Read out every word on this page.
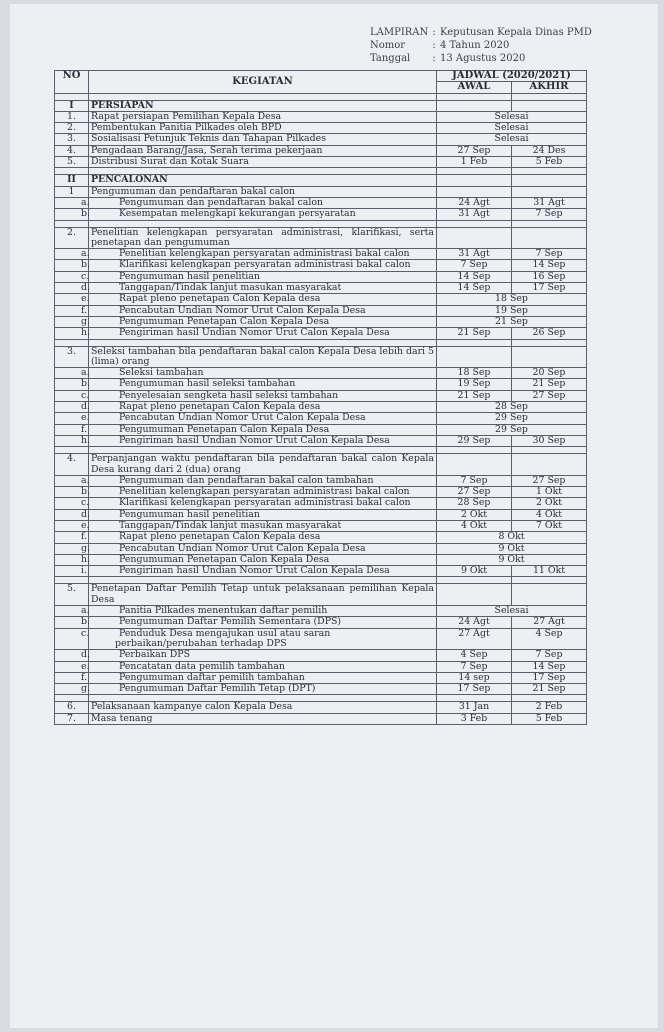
LAMPIRAN : Keputusan Kepala Dinas PMD
Nomor	: 4 Tahun 2020
Tanggal	: 13 Agustus 2020
NO	KEGIATAN	JADWAL (2020/2021)	
		AWAL	AKHIR

I	PERSIAPAN		
1.	Rapat persiapan Pemilihan Kepala Desa	Selesai	
2.	Pembentukan Panitia Pilkades oleh BPD	Selesai	
3.	Sosialisasi Petunjuk Teknis dan Tahapan Pilkades	Selesai	
4.	Pengadaan Barang/Jasa, Serah terima pekerjaan	27 Sep	24 Des
5.	Distribusi Surat dan Kotak Suara	1 Feb	5 Feb

II	PENCALONAN		
1	Pengumuman dan pendaftaran bakal calon		
	a. Pengumuman dan pendaftaran bakal calon	24 Agt	31 Agt
	b. Kesempatan melengkapi kekurangan persyaratan	31 Agt	7 Sep

2.	Penelitian kelengkapan persyaratan administrasi, klarifikasi, serta penetapan dan pengumuman		
	a. Penelitian kelengkapan persyaratan administrasi bakal calon	31 Agt	7 Sep
	b. Klarifikasi kelengkapan persyaratan administrasi bakal calon	7 Sep	14 Sep
	c. Pengumuman hasil penelitian	14 Sep	16 Sep
	d. Tanggapan/Tindak lanjut masukan masyarakat	14 Sep	17 Sep
	e. Rapat pleno penetapan Calon Kepala desa	18 Sep	
	f. Pencabutan Undian Nomor Urut Calon Kepala Desa	19 Sep	
	g. Pengumuman Penetapan Calon Kepala Desa	21 Sep	
	h. Pengiriman hasil Undian Nomor Urut Calon Kepala Desa	21 Sep	26 Sep

3.	Seleksi tambahan bila pendaftaran bakal calon Kepala Desa lebih dari 5 (lima) orang		
	a. Seleksi tambahan	18 Sep	20 Sep
	b. Pengumuman hasil seleksi tambahan	19 Sep	21 Sep
	c. Penyelesaian sengketa hasil seleksi tambahan	21 Sep	27 Sep
	d. Rapat pleno penetapan Calon Kepala desa	28 Sep	
	e. Pencabutan Undian Nomor Urut Calon Kepala Desa	29 Sep	
	f. Pengumuman Penetapan Calon Kepala Desa	29 Sep	
	h. Pengiriman hasil Undian Nomor Urut Calon Kepala Desa	29 Sep	30 Sep

4.	Perpanjangan waktu pendaftaran bila pendaftaran bakal calon Kepala Desa kurang dari 2 (dua) orang		
	a. Pengumuman dan pendaftaran bakal calon tambahan	7 Sep	27 Sep
	b. Penelitian kelengkapan persyaratan administrasi bakal calon	27 Sep	1 Okt
	c. Klarifikasi kelengkapan persyaratan administrasi bakal calon	28 Sep	2 Okt
	d. Pengumuman hasil penelitian	2 Okt	4 Okt
	e. Tanggapan/Tindak lanjut masukan masyarakat	4 Okt	7 Okt
	f. Rapat pleno penetapan Calon Kepala desa	8 Okt	
	g. Pencabutan Undian Nomor Urut Calon Kepala Desa	9 Okt	
	h. Pengumuman Penetapan Calon Kepala Desa	9 Okt	
	i. Pengiriman hasil Undian Nomor Urut Calon Kepala Desa	9 Okt	11 Okt

5.	Penetapan Daftar Pemilih Tetap untuk pelaksanaan pemilihan Kepala Desa		
	a. Panitia Pilkades menentukan daftar pemilih	Selesai	
	b. Pengumuman Daftar Pemilih Sementara (DPS)	24 Agt	27 Agt
	c. Penduduk Desa mengajukan usul atau saran perbaikan/perubahan terhadap DPS	27 Agt	4 Sep
	d. Perbaikan DPS	4 Sep	7 Sep
	e. Pencatatan data pemilih tambahan	7 Sep	14 Sep
	f. Pengumuman daftar pemilih tambahan	14 sep	17 Sep
	g. Pengumuman Daftar Pemilih Tetap (DPT)	17 Sep	21 Sep

6.	Pelaksanaan kampanye calon Kepala Desa	31 Jan	2 Feb
7.	Masa tenang	3 Feb	5 Feb
